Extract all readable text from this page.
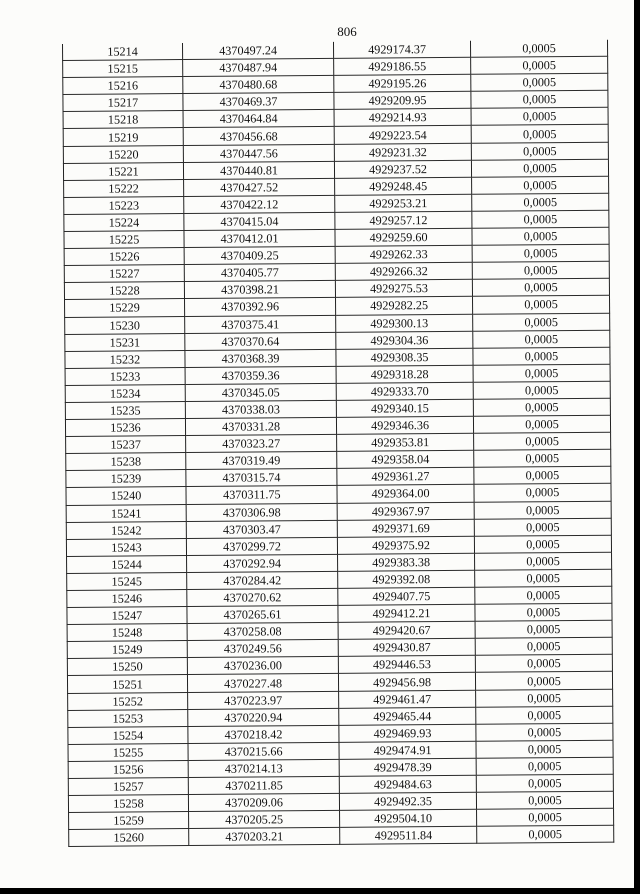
806
15214	4370497.24	4929174.37	0,0005
15215	4370487.94	4929186.55	0,0005
15216	4370480.68	4929195.26	0,0005
15217	4370469.37	4929209.95	0,0005
15218	4370464.84	4929214.93	0,0005
15219	4370456.68	4929223.54	0,0005
15220	4370447.56	4929231.32	0,0005
15221	4370440.81	4929237.52	0,0005
15222	4370427.52	4929248.45	0,0005
15223	4370422.12	4929253.21	0,0005
15224	4370415.04	4929257.12	0,0005
15225	4370412.01	4929259.60	0,0005
15226	4370409.25	4929262.33	0,0005
15227	4370405.77	4929266.32	0,0005
15228	4370398.21	4929275.53	0,0005
15229	4370392.96	4929282.25	0,0005
15230	4370375.41	4929300.13	0,0005
15231	4370370.64	4929304.36	0,0005
15232	4370368.39	4929308.35	0,0005
15233	4370359.36	4929318.28	0,0005
15234	4370345.05	4929333.70	0,0005
15235	4370338.03	4929340.15	0,0005
15236	4370331.28	4929346.36	0,0005
15237	4370323.27	4929353.81	0,0005
15238	4370319.49	4929358.04	0,0005
15239	4370315.74	4929361.27	0,0005
15240	4370311.75	4929364.00	0,0005
15241	4370306.98	4929367.97	0,0005
15242	4370303.47	4929371.69	0,0005
15243	4370299.72	4929375.92	0,0005
15244	4370292.94	4929383.38	0,0005
15245	4370284.42	4929392.08	0,0005
15246	4370270.62	4929407.75	0,0005
15247	4370265.61	4929412.21	0,0005
15248	4370258.08	4929420.67	0,0005
15249	4370249.56	4929430.87	0,0005
15250	4370236.00	4929446.53	0,0005
15251	4370227.48	4929456.98	0,0005
15252	4370223.97	4929461.47	0,0005
15253	4370220.94	4929465.44	0,0005
15254	4370218.42	4929469.93	0,0005
15255	4370215.66	4929474.91	0,0005
15256	4370214.13	4929478.39	0,0005
15257	4370211.85	4929484.63	0,0005
15258	4370209.06	4929492.35	0,0005
15259	4370205.25	4929504.10	0,0005
15260	4370203.21	4929511.84	0,0005
